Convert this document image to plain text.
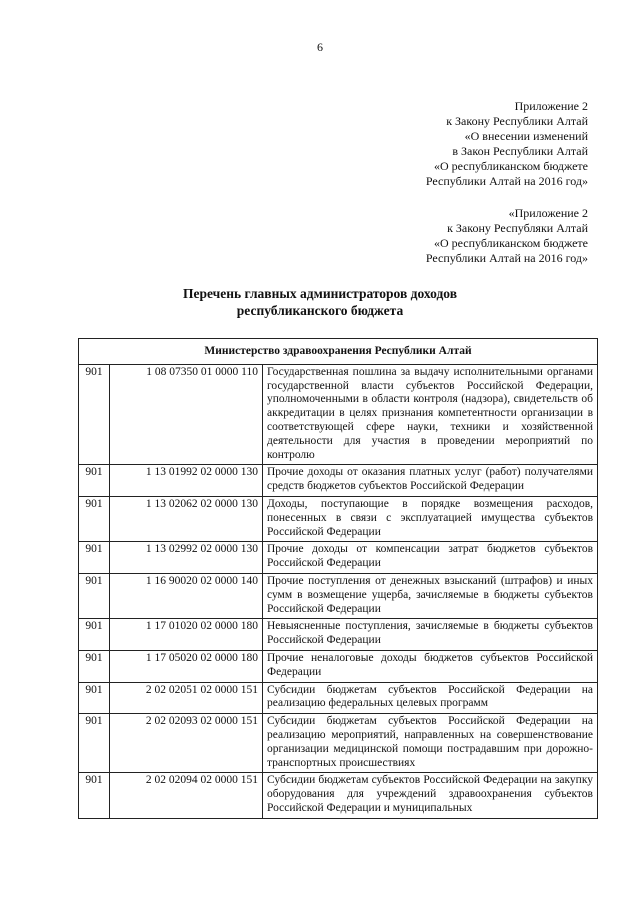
6
Приложение 2
к Закону Республики Алтай
«О внесении изменений
в Закон Республики Алтай
«О республиканском бюджете
Республики Алтай на 2016 год»
«Приложение 2
к Закону Республяки Алтай
«О республиканском бюджете
Республики Алтай на 2016 год»
Перечень главных администраторов доходов
республиканского бюджета
Министерство здравоохранения Республики Алтай		
901	1 08 07350 01 0000 110	Государственная пошлина за выдачу исполнительными органами государственной власти субъектов Российской Федерации, уполномоченными в области контроля (надзора), свидетельств об аккредитации в целях признания компетентности организации в соответствующей сфере науки, техники и хозяйственной деятельности для участия в проведении мероприятий по контролю
901	1 13 01992 02 0000 130	Прочие доходы от оказания платных услуг (работ) получателями средств бюджетов субъектов Российской Федерации
901	1 13 02062 02 0000 130	Доходы, поступающие в порядке возмещения расходов, понесенных в связи с эксплуатацией имущества субъектов Российской Федерации
901	1 13 02992 02 0000 130	Прочие доходы от компенсации затрат бюджетов субъектов Российской Федерации
901	1 16 90020 02 0000 140	Прочие поступления от денежных взысканий (штрафов) и иных сумм в возмещение ущерба, зачисляемые в бюджеты субъектов Российской Федерации
901	1 17 01020 02 0000 180	Невыясненные поступления, зачисляемые в бюджеты субъектов Российской Федерации
901	1 17 05020 02 0000 180	Прочие неналоговые доходы бюджетов субъектов Российской Федерации
901	2 02 02051 02 0000 151	Субсидии бюджетам субъектов Российской Федерации на реализацию федеральных целевых программ
901	2 02 02093 02 0000 151	Субсидии бюджетам субъектов Российской Федерации на реализацию мероприятий, направленных на совершенствование организации медицинской помощи пострадавшим при дорожно-транспортных происшествиях
901	2 02 02094 02 0000 151	Субсидии бюджетам субъектов Российской Федерации на закупку оборудования для учреждений здравоохранения субъектов Российской Федерации и муниципальных
